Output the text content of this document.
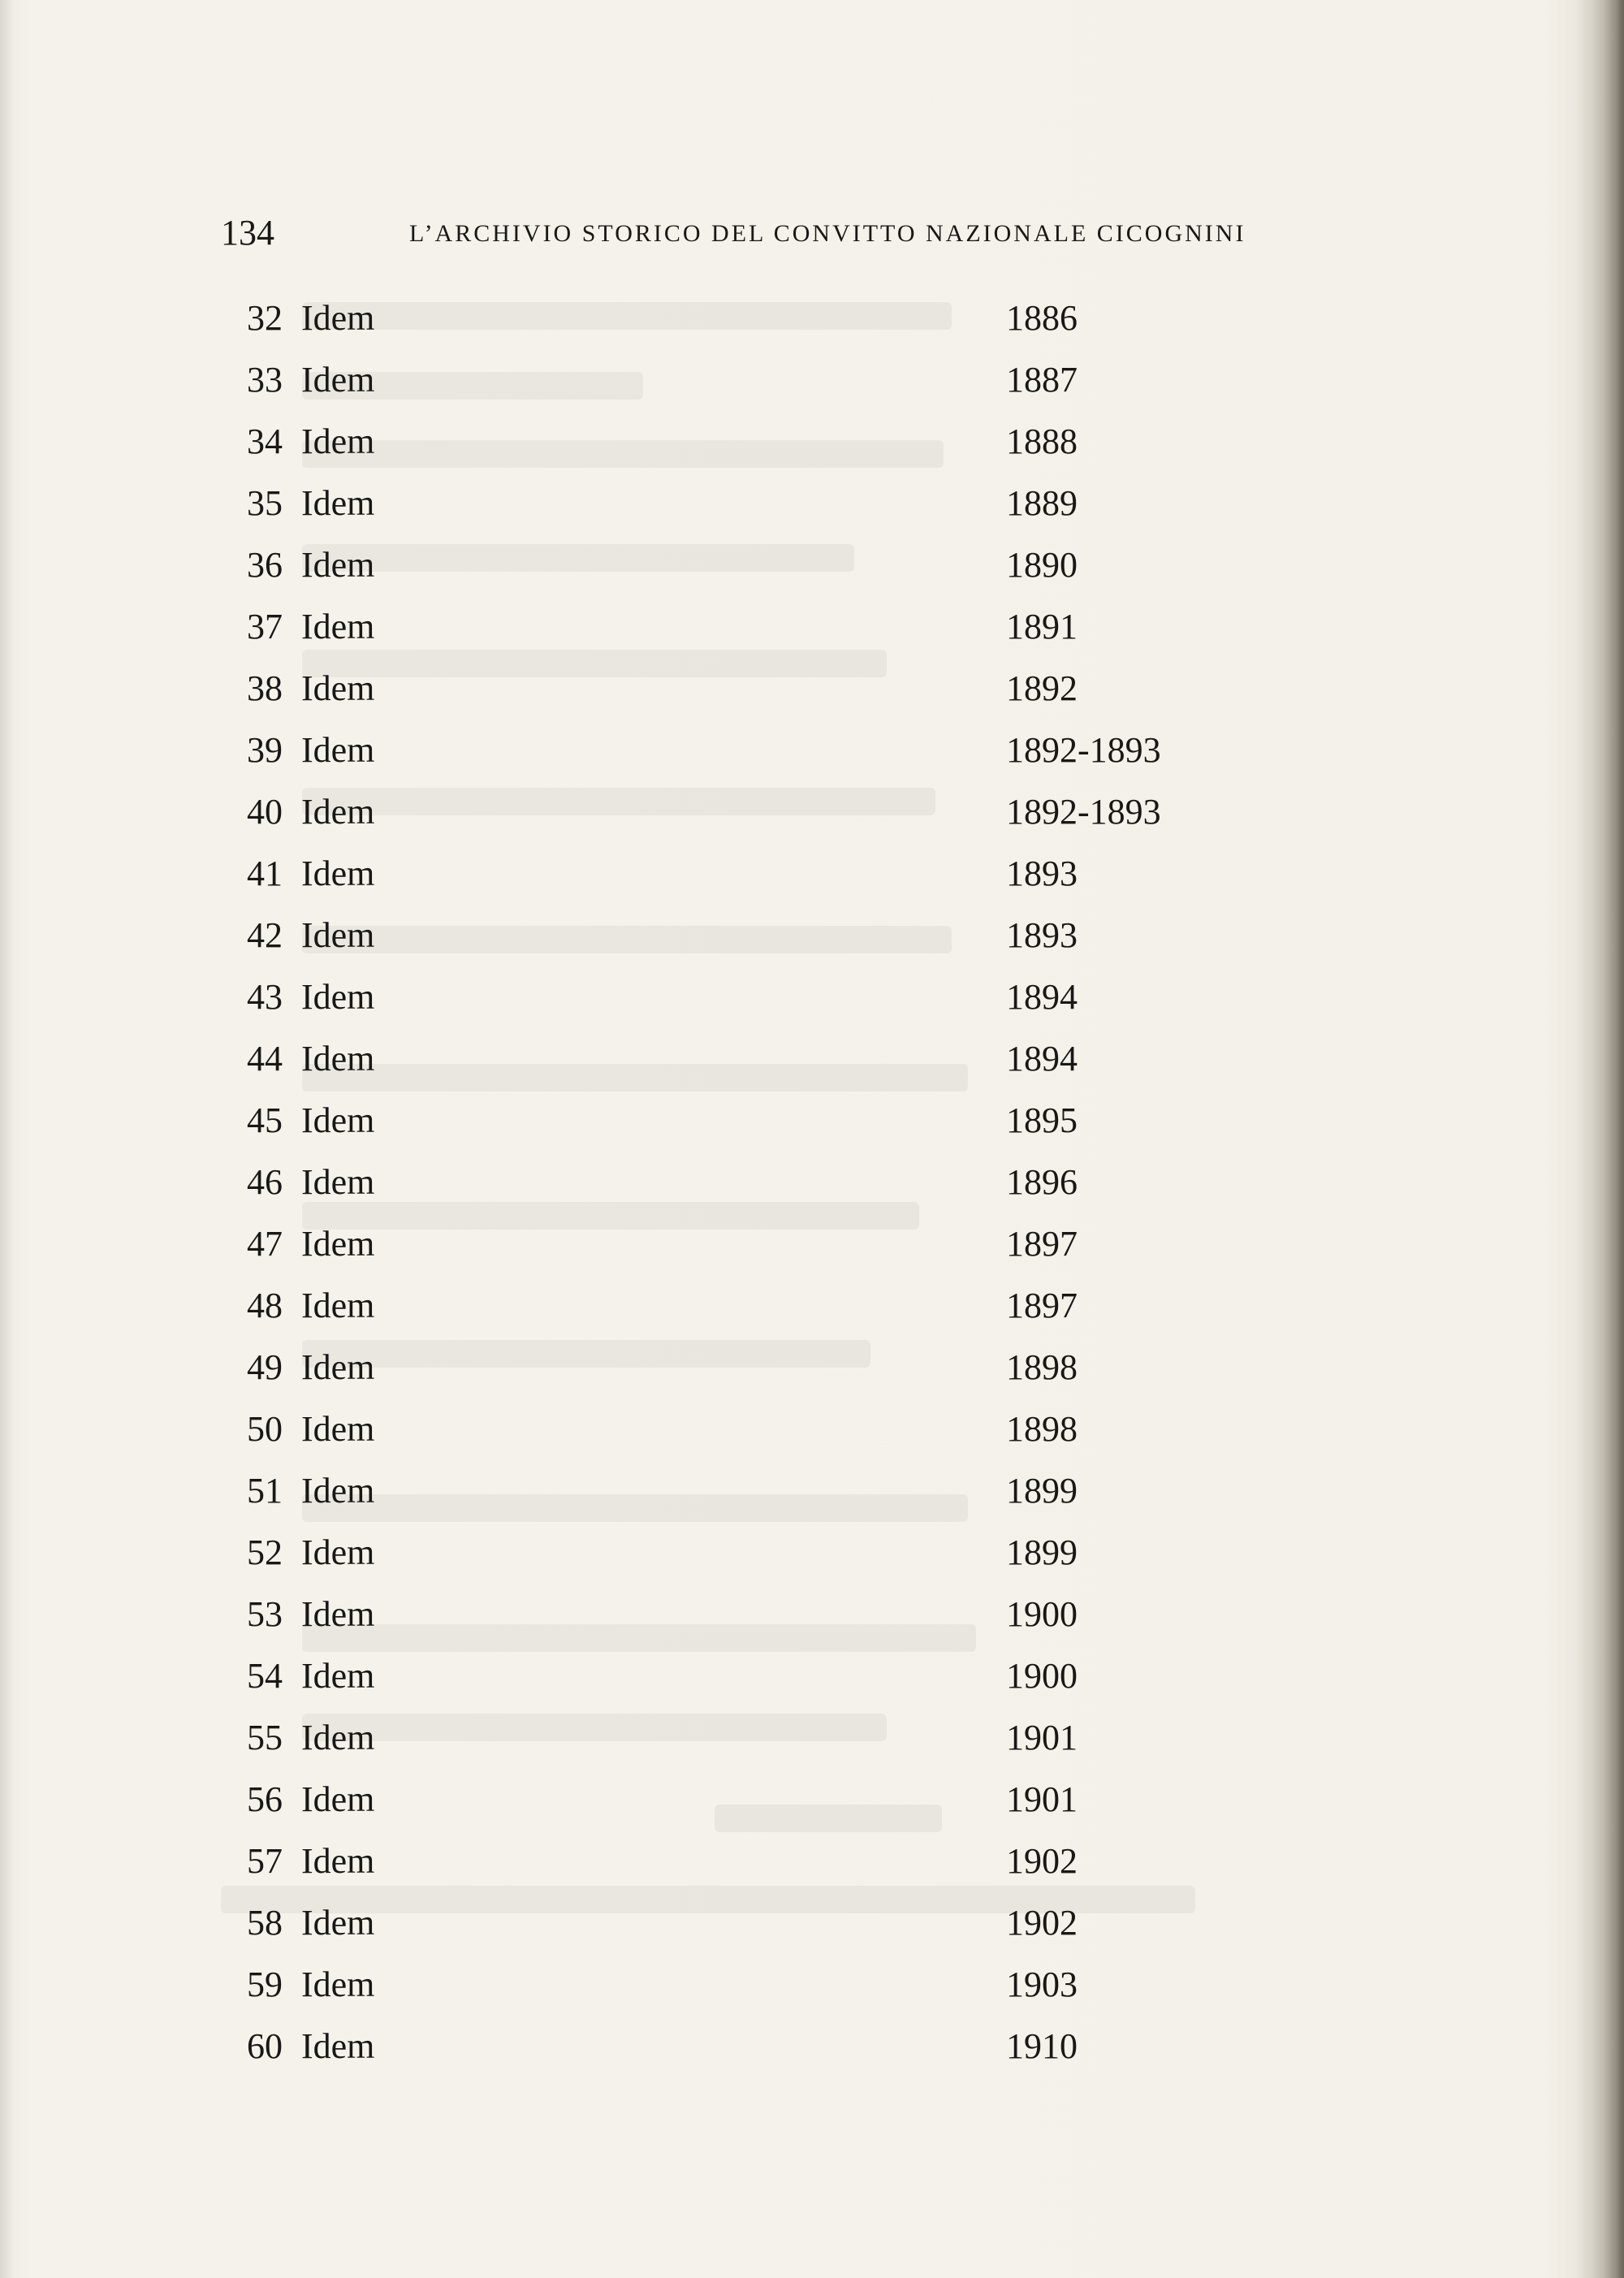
134	L’ARCHIVIO STORICO DEL CONVITTO NAZIONALE CICOGNINI
32 Idem	1886
33 Idem	1887
34 Idem	1888
35 Idem	1889
36 Idem	1890
37 Idem	1891
38 Idem	1892
39 Idem	1892-1893
40 Idem	1892-1893
41 Idem	1893
42 Idem	1893
43 Idem	1894
44 Idem	1894
45 Idem	1895
46 Idem	1896
47 Idem	1897
48 Idem	1897
49 Idem	1898
50 Idem	1898
51 Idem	1899
52 Idem	1899
53 Idem	1900
54 Idem	1900
55 Idem	1901
56 Idem	1901
57 Idem	1902
58 Idem	1902
59 Idem	1903
60 Idem	1910
